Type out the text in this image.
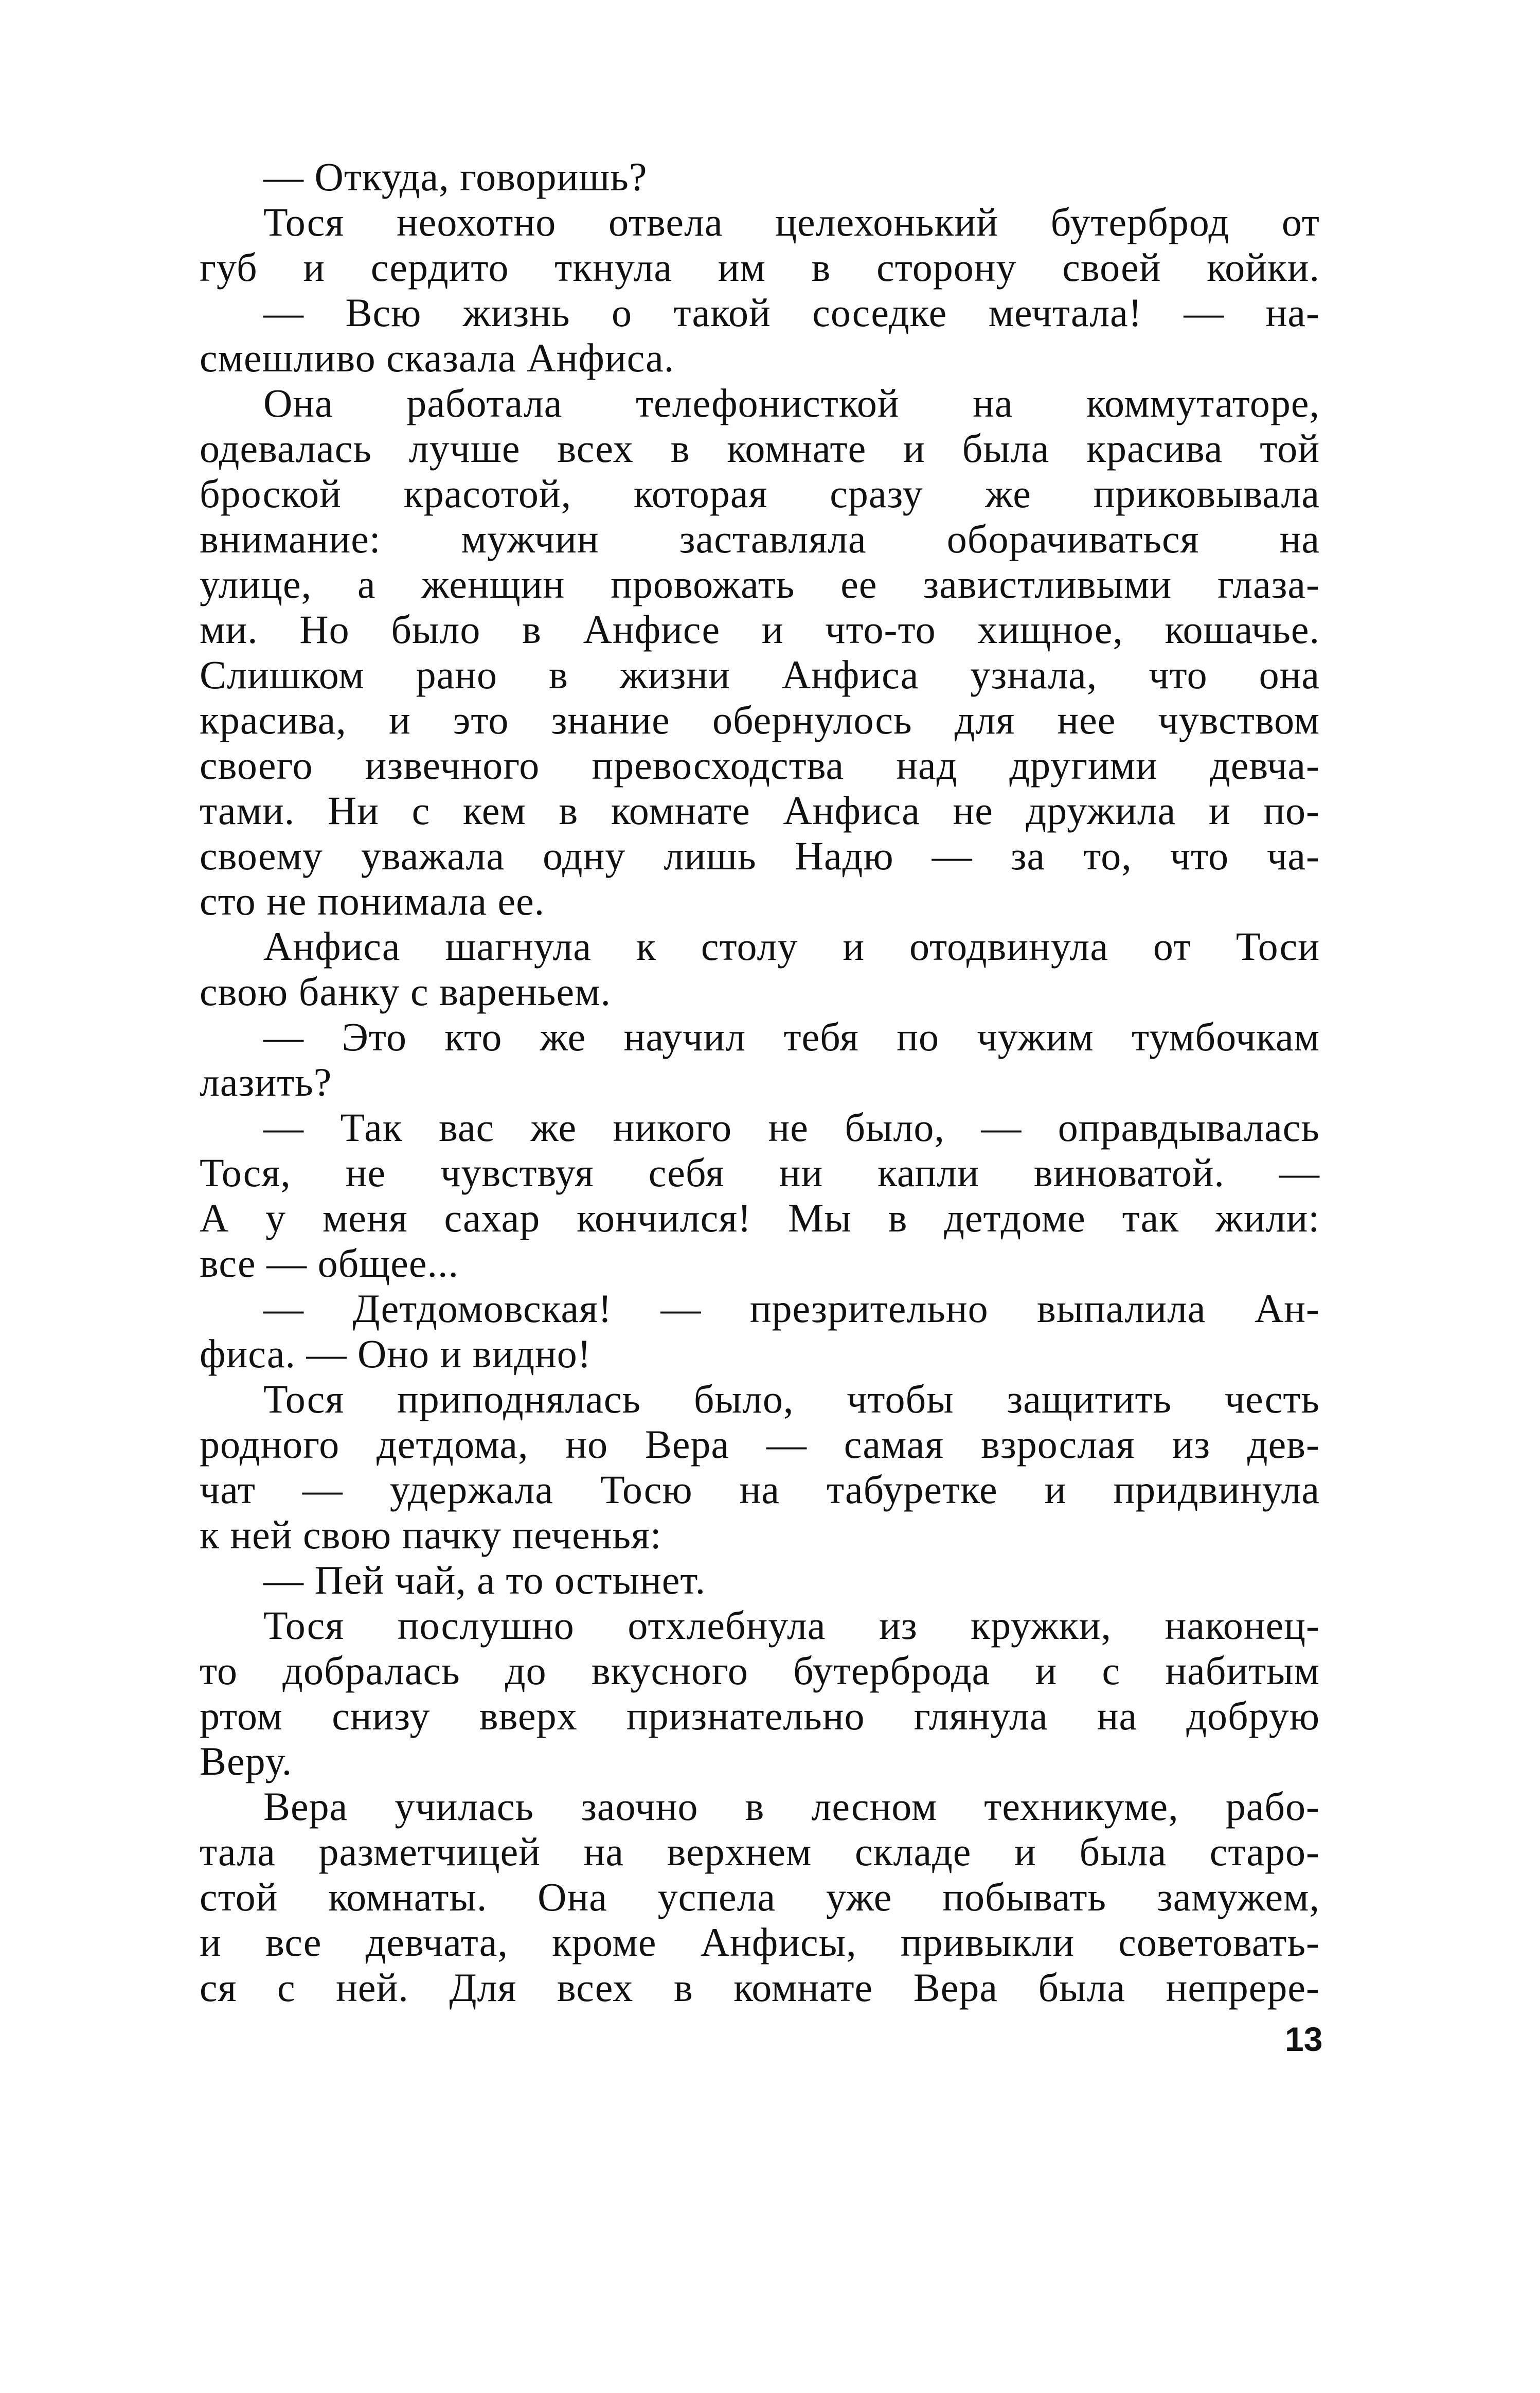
— Откуда, говоришь?
Тося неохотно отвела целехонький бутерброд от
губ и сердито ткнула им в сторону своей койки.
— Всю жизнь о такой соседке мечтала! — на-
смешливо сказала Анфиса.
Она работала телефонисткой на коммутаторе,
одевалась лучше всех в комнате и была красива той
броской красотой, которая сразу же приковывала
внимание: мужчин заставляла оборачиваться на
улице, а женщин провожать ее завистливыми глаза-
ми. Но было в Анфисе и что-то хищное, кошачье.
Слишком рано в жизни Анфиса узнала, что она
красива, и это знание обернулось для нее чувством
своего извечного превосходства над другими девча-
тами. Ни с кем в комнате Анфиса не дружила и по-
своему уважала одну лишь Надю — за то, что ча-
сто не понимала ее.
Анфиса шагнула к столу и отодвинула от Тоси
свою банку с вареньем.
— Это кто же научил тебя по чужим тумбочкам
лазить?
— Так вас же никого не было, — оправдывалась
Тося, не чувствуя себя ни капли виноватой. —
А у меня сахар кончился! Мы в детдоме так жили:
все — общее...
— Детдомовская! — презрительно выпалила Ан-
фиса. — Оно и видно!
Тося приподнялась было, чтобы защитить честь
родного детдома, но Вера — самая взрослая из дев-
чат — удержала Тосю на табуретке и придвинула
к ней свою пачку печенья:
— Пей чай, а то остынет.
Тося послушно отхлебнула из кружки, наконец-
то добралась до вкусного бутерброда и с набитым
ртом снизу вверх признательно глянула на добрую
Веру.
Вера училась заочно в лесном техникуме, рабо-
тала разметчицей на верхнем складе и была старо-
стой комнаты. Она успела уже побывать замужем,
и все девчата, кроме Анфисы, привыкли советовать-
ся с ней. Для всех в комнате Вера была непрере-
13
